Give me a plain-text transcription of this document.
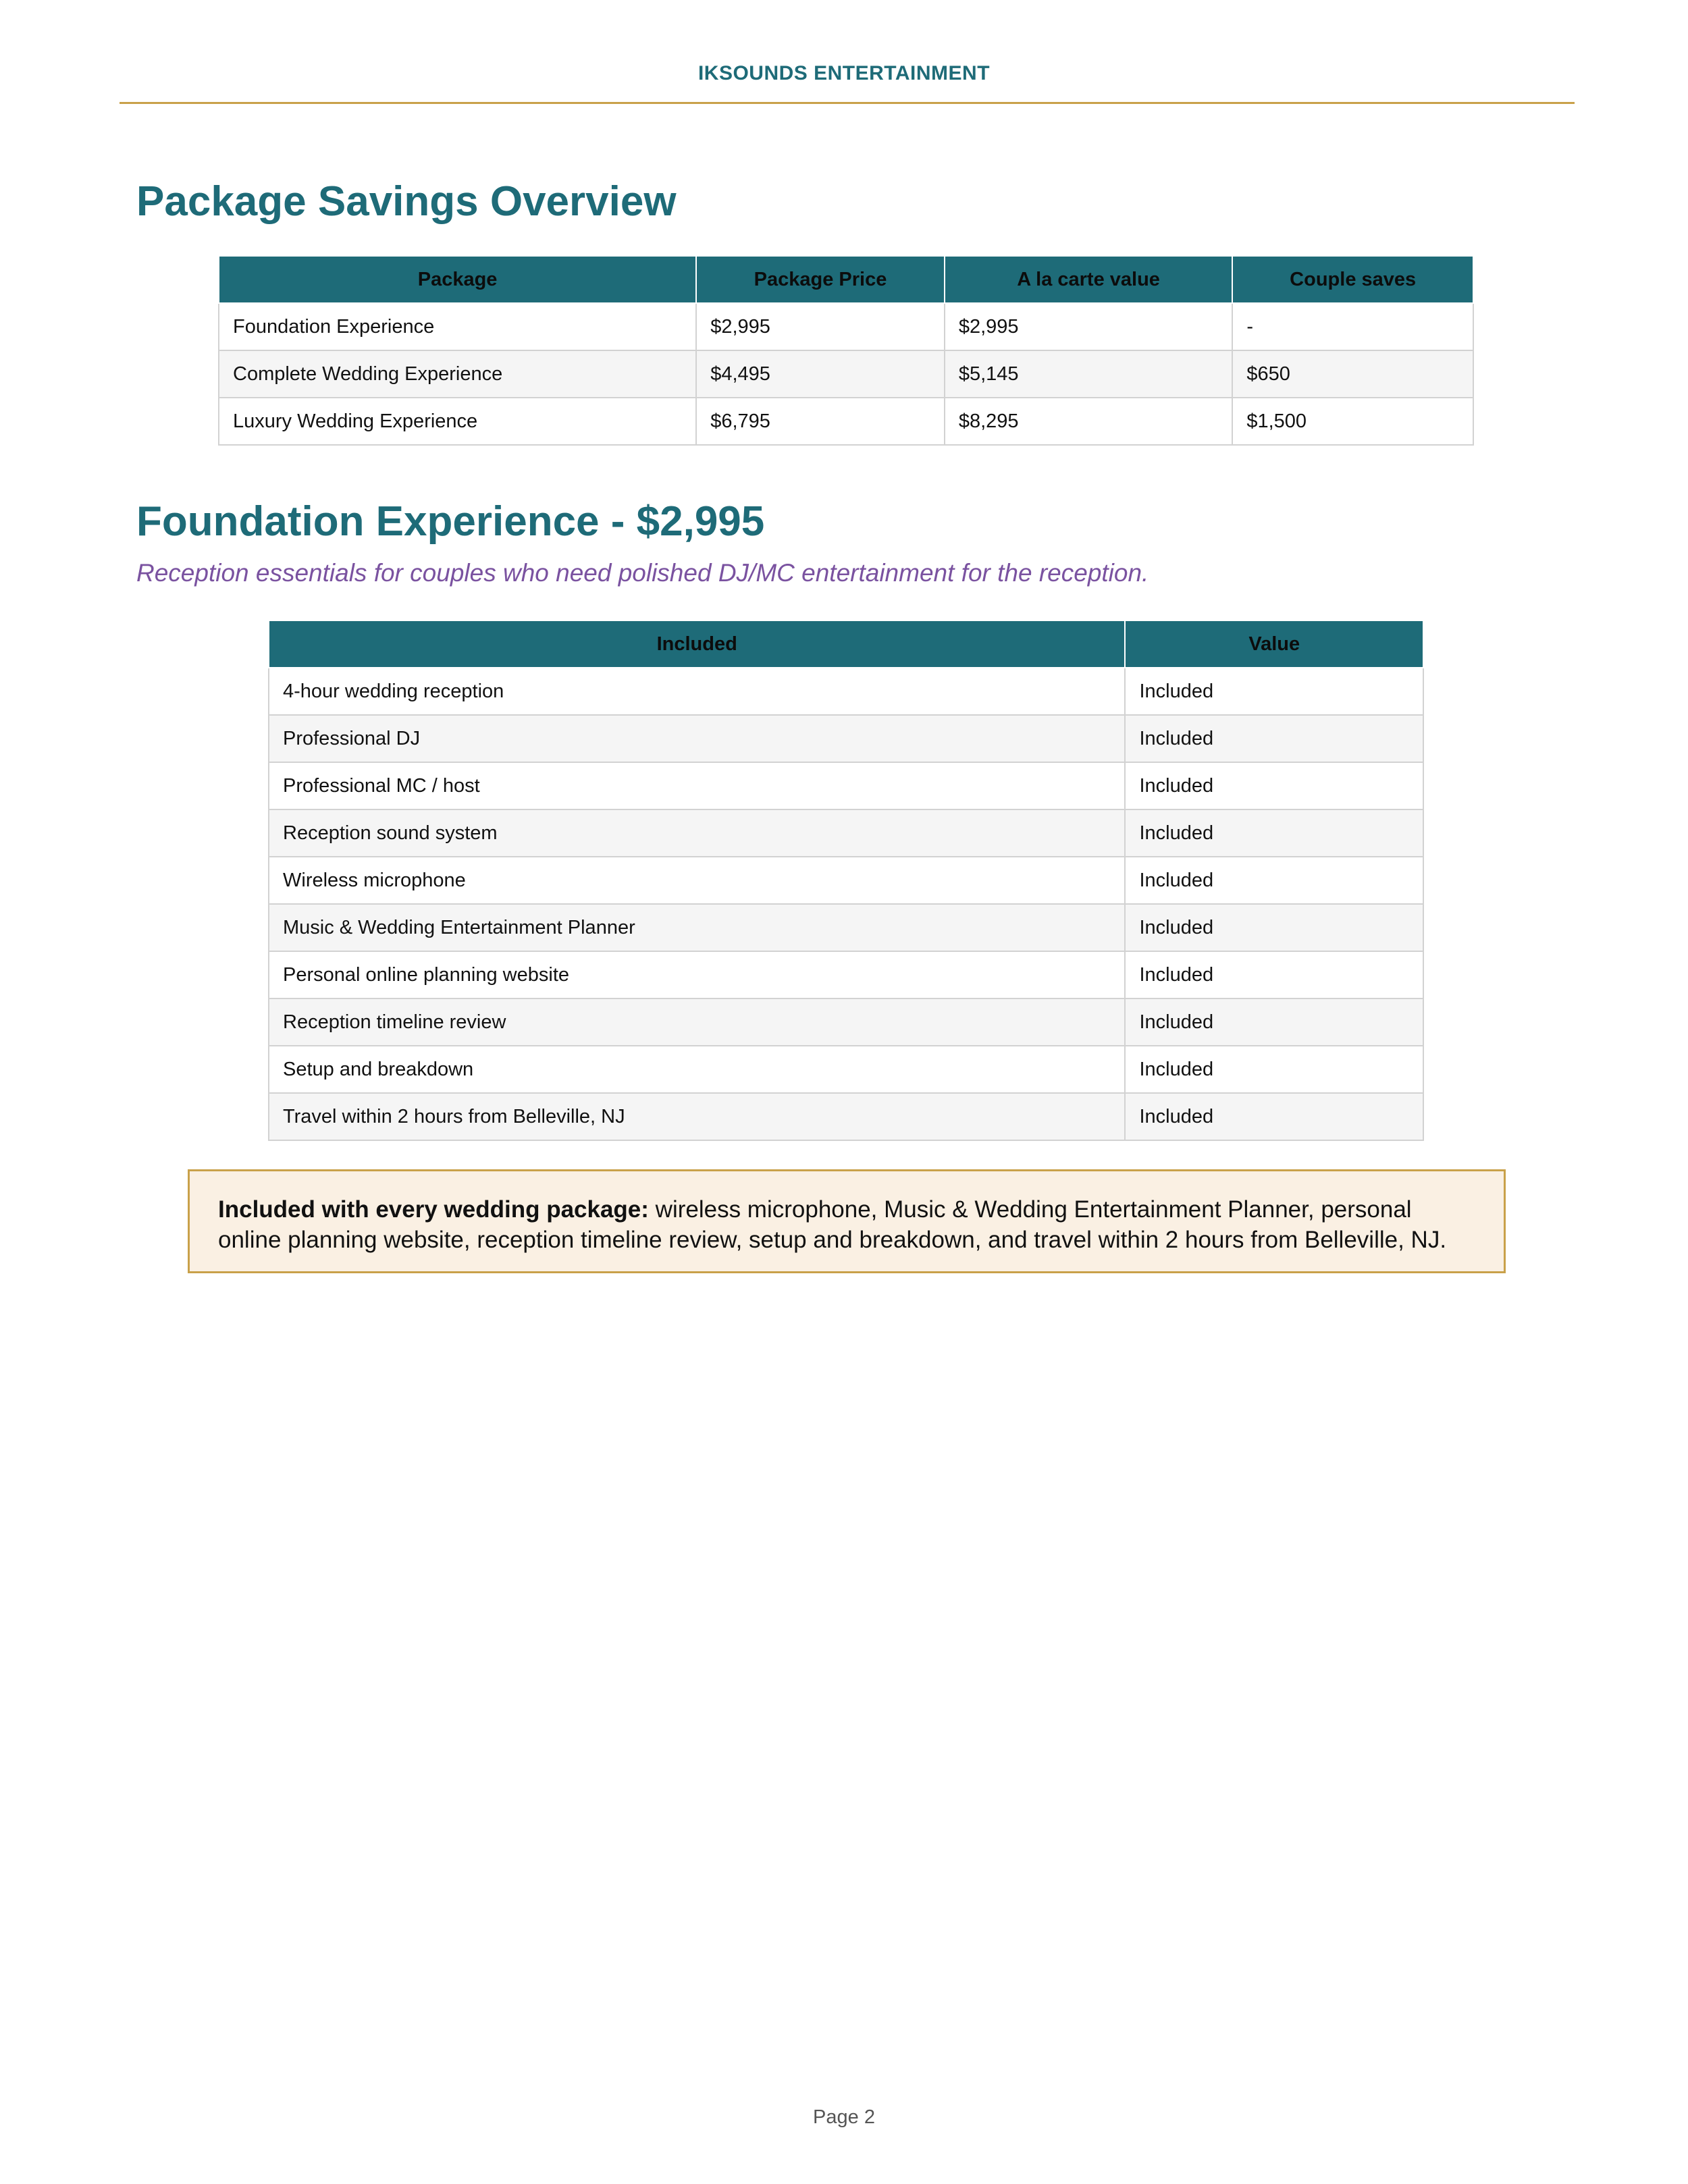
IKSOUNDS ENTERTAINMENT
Package Savings Overview
Package	Package Price	A la carte value	Couple saves
Foundation Experience	$2,995	$2,995	-
Complete Wedding Experience	$4,495	$5,145	$650
Luxury Wedding Experience	$6,795	$8,295	$1,500
Foundation Experience - $2,995
Reception essentials for couples who need polished DJ/MC entertainment for the reception.
Included	Value
4-hour wedding reception	Included
Professional DJ	Included
Professional MC / host	Included
Reception sound system	Included
Wireless microphone	Included
Music & Wedding Entertainment Planner	Included
Personal online planning website	Included
Reception timeline review	Included
Setup and breakdown	Included
Travel within 2 hours from Belleville, NJ	Included
Included with every wedding package: wireless microphone, Music & Wedding Entertainment Planner, personal online planning website, reception timeline review, setup and breakdown, and travel within 2 hours from Belleville, NJ.
Page 2
